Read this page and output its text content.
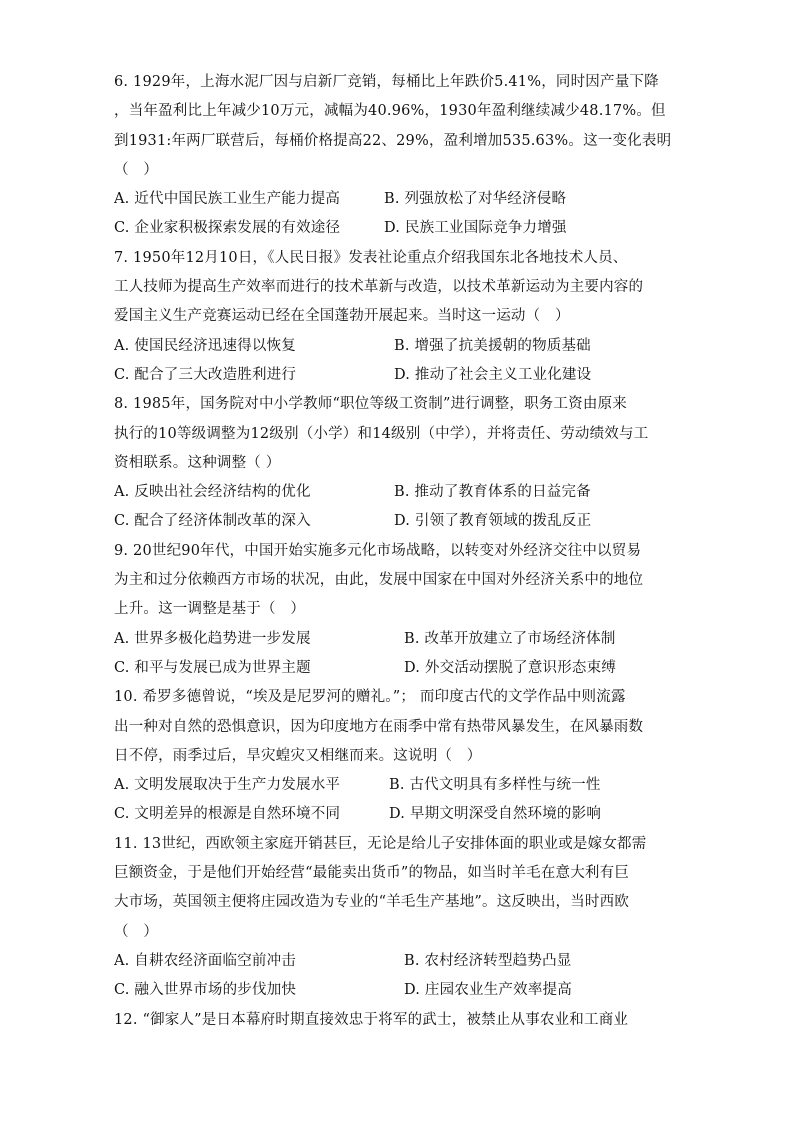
6. 1929年，上海水泥厂因与启新厂竞销，每桶比上年跌价5.41%，同时因产量下降
，当年盈利比上年减少10万元，减幅为40.96%，1930年盈利继续减少48.17%。但
到1931:年两厂联营后，每桶价格提高22、29%，盈利增加535.63%。这一变化表明
（　）
A. 近代中国民族工业生产能力提高	B. 列强放松了对华经济侵略
C. 企业家积极探索发展的有效途径	D. 民族工业国际竞争力增强
7. 1950年12月10日，《人民日报》发表社论重点介绍我国东北各地技术人员、
工人技师为提高生产效率而进行的技术革新与改造，以技术革新运动为主要内容的
爱国主义生产竞赛运动已经在全国蓬勃开展起来。当时这一运动（　）
A. 使国民经济迅速得以恢复	B. 增强了抗美援朝的物质基础
C. 配合了三大改造胜利进行	D. 推动了社会主义工业化建设
8. 1985年，国务院对中小学教师“职位等级工资制”进行调整，职务工资由原来
执行的10等级调整为12级别（小学）和14级别（中学），并将责任、劳动绩效与工
资相联系。这种调整（ ）
A. 反映出社会经济结构的优化	B. 推动了教育体系的日益完备
C. 配合了经济体制改革的深入	D. 引领了教育领域的拨乱反正
9. 20世纪90年代，中国开始实施多元化市场战略，以转变对外经济交往中以贸易
为主和过分依赖西方市场的状况，由此，发展中国家在中国对外经济关系中的地位
上升。这一调整是基于（　）
A. 世界多极化趋势进一步发展	B. 改革开放建立了市场经济体制
C. 和平与发展已成为世界主题	D. 外交活动摆脱了意识形态束缚
10. 希罗多德曾说，“埃及是尼罗河的赠礼。”； 而印度古代的文学作品中则流露
出一种对自然的恐惧意识，因为印度地方在雨季中常有热带风暴发生，在风暴雨数
日不停，雨季过后，旱灾蝗灾又相继而来。这说明（　）
A. 文明发展取决于生产力发展水平	B. 古代文明具有多样性与统一性
C. 文明差异的根源是自然环境不同	D. 早期文明深受自然环境的影响
11. 13世纪，西欧领主家庭开销甚巨，无论是给儿子安排体面的职业或是嫁女都需
巨额资金，于是他们开始经营“最能卖出货币”的物品，如当时羊毛在意大利有巨
大市场，英国领主便将庄园改造为专业的“羊毛生产基地”。这反映出，当时西欧
（　）
A. 自耕农经济面临空前冲击	B. 农村经济转型趋势凸显
C. 融入世界市场的步伐加快	D. 庄园农业生产效率提高
12. “御家人”是日本幕府时期直接效忠于将军的武士，被禁止从事农业和工商业
